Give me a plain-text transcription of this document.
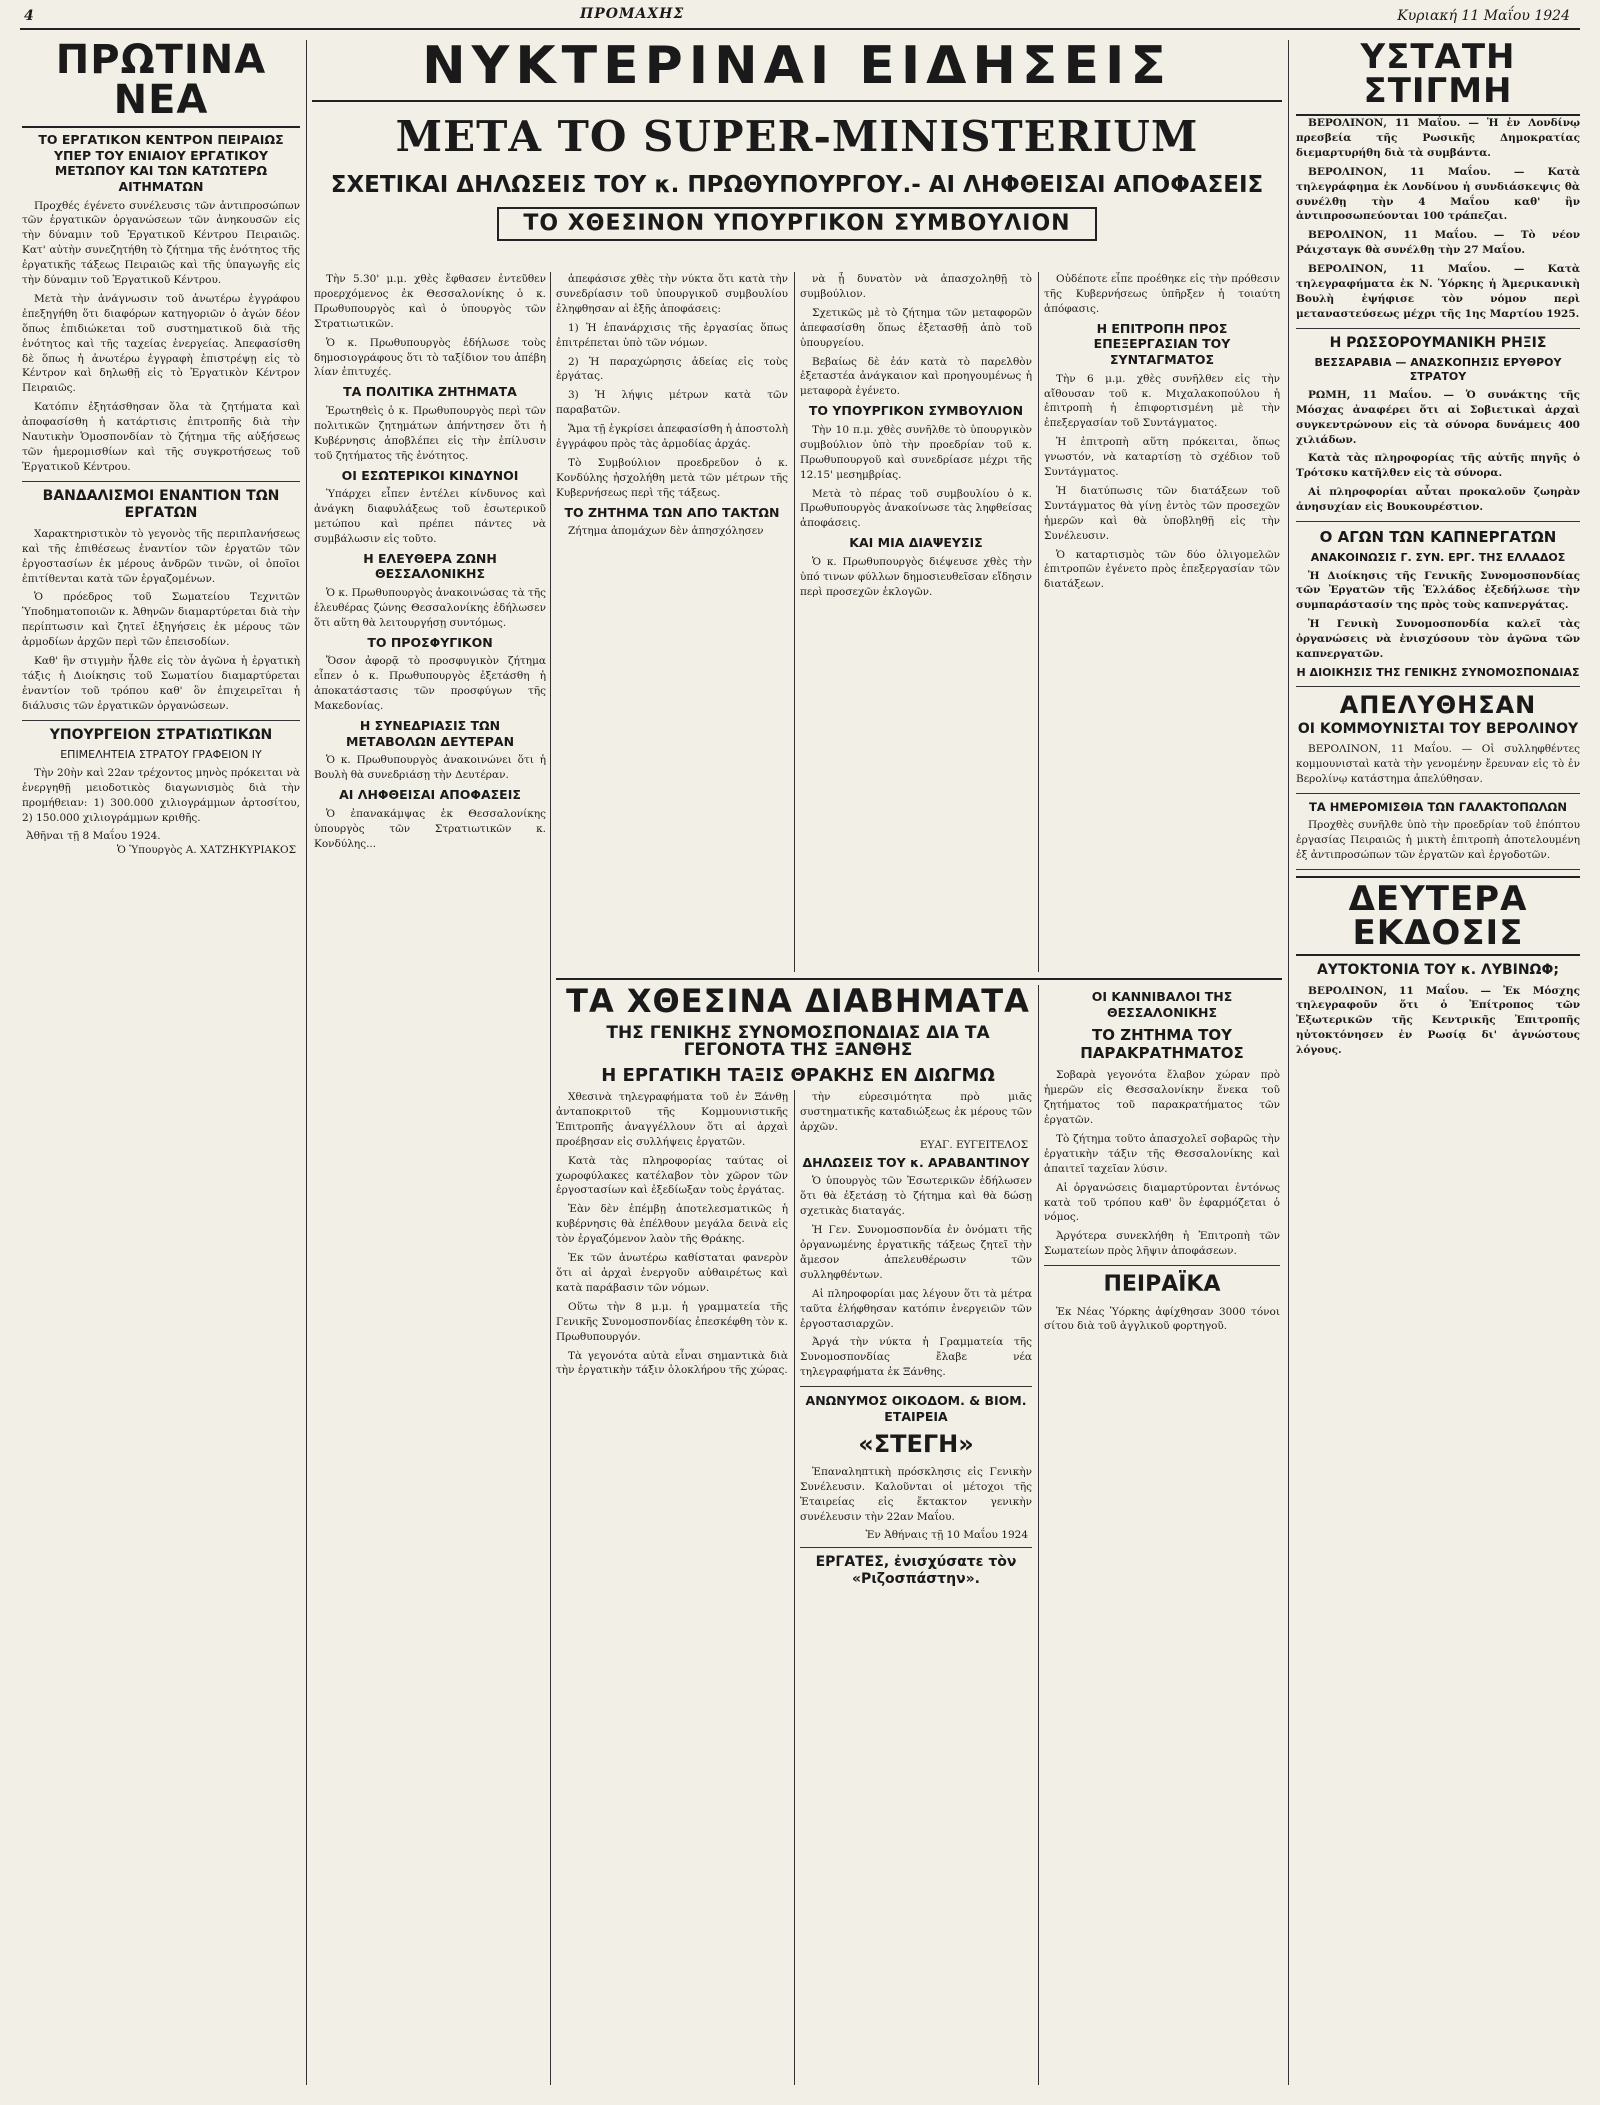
4	ΠΡΟΜΑΧΗΣ	Κυριακή 11 Μαΐου 1924
ΠΡΩΤΙΝΑ ΝΕΑ
ΤΟ ΕΡΓΑΤΙΚΟΝ ΚΕΝΤΡΟΝ ΠΕΙΡΑΙΩΣ ΥΠΕΡ ΤΟΥ ΕΝΙΑΙΟΥ ΕΡΓΑΤΙΚΟΥ ΜΕΤΩΠΟΥ ΚΑΙ ΤΩΝ ΚΑΤΩΤΕΡΩ ΑΙΤΗΜΑΤΩΝ

Προχθές έγένετο συνέλευσις τῶν ἀντιπροσώπων τῶν ἐργατικῶν ὀργανώσεων τῶν ἀνηκουσῶν εἰς τὴν δύναμιν τοῦ Ἐργατικοῦ Κέντρου Πειραιῶς. Κατ' αὐτὴν συνεζητήθη τὸ ζήτημα τῆς ἑνότητος τῆς ἐργατικῆς τάξεως Πειραιῶς καὶ τῆς ὑπαγωγῆς εἰς τὴν δύναμιν τοῦ Ἐργατικοῦ Κέντρου.

Μετὰ τὴν ἀνάγνωσιν τοῦ ἀνωτέρω ἐγγράφου ἐπεξηγήθη ὅτι διαφόρων κατηγοριῶν ὁ ἀγών δέον ὅπως ἐπιδιώκεται τοῦ συστηματικοῦ διὰ τῆς ἑνότητος καὶ τῆς ταχείας ἐνεργείας. Ἀπεφασίσθη δὲ ὅπως ἡ ἀνωτέρω ἐγγραφὴ ἐπιστρέψῃ εἰς τὸ Κέντρον καὶ δηλωθῇ εἰς τὸ Ἐργατικὸν Κέντρον Πειραιῶς.

Κατόπιν ἐξητάσθησαν ὅλα τὰ ζητήματα καὶ ἀποφασίσθη ἡ κατάρτισις ἐπιτροπῆς διὰ τὴν Ναυτικὴν Ὁμοσπονδίαν τὸ ζήτημα τῆς αὐξήσεως τῶν ἡμερομισθίων καὶ τῆς συγκροτήσεως τοῦ Ἐργατικοῦ Κέντρου.

ΒΑΝΔΑΛΙΣΜΟΙ ΕΝΑΝΤΙΟΝ ΤΩΝ ΕΡΓΑΤΩΝ

Χαρακτηριστικὸν τὸ γεγονὸς τῆς περιπλανήσεως καὶ τῆς ἐπιθέσεως ἐναντίον τῶν ἐργατῶν τῶν ἐργοστασίων ἐκ μέρους ἀνδρῶν τινῶν, οἱ ὁποῖοι ἐπιτίθενται κατὰ τῶν ἐργαζομένων.

Ὁ πρόεδρος τοῦ Σωματείου Τεχνιτῶν Ὑποδηματοποιῶν κ. Ἀθηνῶν διαμαρτύρεται διὰ τὴν περίπτωσιν καὶ ζητεῖ ἐξηγήσεις ἐκ μέρους τῶν ἁρμοδίων ἀρχῶν περὶ τῶν ἐπεισοδίων.

Καθ' ἣν στιγμὴν ἦλθε εἰς τὸν ἀγῶνα ἡ ἐργατικὴ τάξις ἡ Διοίκησις τοῦ Σωματίου διαμαρτύρεται ἐναντίον τοῦ τρόπου καθ' ὃν ἐπιχειρεῖται ἡ διάλυσις τῶν ἐργατικῶν ὀργανώσεων.

ΥΠΟΥΡΓΕΙΟΝ ΣΤΡΑΤΙΩΤΙΚΩΝ
ΕΠΙΜΕΛΗΤΕΙΑ ΣΤΡΑΤΟΥ ΓΡΑΦΕΙΟΝ ΙΥ

Τὴν 20ὴν καὶ 22αν τρέχοντος μηνὸς πρόκειται νὰ ἐνεργηθῇ μειοδοτικὸς διαγωνισμὸς διὰ τὴν προμήθειαν: 1) 300.000 χιλιογράμμων ἀρτοσίτου, 2) 150.000 χιλιογράμμων κριθῆς.

Ἀθῆναι τῇ 8 Μαΐου 1924.
Ὁ Ὑπουργὸς Α. ΧΑΤΖΗΚΥΡΙΑΚΟΣ
ΝΥΚΤΕΡΙΝΑΙ ΕΙΔΗΣΕΙΣ
ΜΕΤΑ ΤΟ SUPER-MINISTERIUM
ΣΧΕΤΙΚΑΙ ΔΗΛΩΣΕΙΣ ΤΟΥ κ. ΠΡΩΘΥΠΟΥΡΓΟΥ.- ΑΙ ΛΗΦΘΕΙΣΑΙ ΑΠΟΦΑΣΕΙΣ
ΤΟ ΧΘΕΣΙΝΟΝ ΥΠΟΥΡΓΙΚΟΝ ΣΥΜΒΟΥΛΙΟΝ

Τὴν 5.30' μ.μ. χθὲς ἔφθασεν ἐντεῦθεν προερχόμενος ἐκ Θεσσαλονίκης ὁ κ. Πρωθυπουργὸς καὶ ὁ ὑπουργὸς τῶν Στρατιωτικῶν.

Ὁ κ. Πρωθυπουργὸς ἐδήλωσε τοὺς δημοσιογράφους ὅτι τὸ ταξίδιον του ἀπέβη λίαν ἐπιτυχές.

ΤΑ ΠΟΛΙΤΙΚΑ ΖΗΤΗΜΑΤΑ

Ἐρωτηθεὶς ὁ κ. Πρωθυπουργὸς περὶ τῶν πολιτικῶν ζητημάτων ἀπήντησεν ὅτι ἡ Κυβέρνησις ἀποβλέπει εἰς τὴν ἐπίλυσιν τοῦ ζητήματος τῆς ἑνότητος.

ΟΙ ΕΣΩΤΕΡΙΚΟΙ ΚΙΝΔΥΝΟΙ

Ὑπάρχει εἶπεν ἐντέλει κίνδυνος καὶ ἀνάγκη διαφυλάξεως τοῦ ἐσωτερικοῦ μετώπου καὶ πρέπει πάντες νὰ συμβάλωσιν εἰς τοῦτο.

Η ΕΛΕΥΘΕΡΑ ΖΩΝΗ ΘΕΣΣΑΛΟΝΙΚΗΣ

Ὁ κ. Πρωθυπουργὸς ἀνακοινώσας τὰ τῆς ἐλευθέρας ζώνης Θεσσαλονίκης ἐδήλωσεν ὅτι αὕτη θὰ λειτουργήσῃ συντόμως.

ΤΟ ΠΡΟΣΦΥΓΙΚΟΝ

Ὅσον ἀφορᾷ τὸ προσφυγικὸν ζήτημα εἶπεν ὁ κ. Πρωθυπουργὸς ἐξετάσθη ἡ ἀποκατάστασις τῶν προσφύγων τῆς Μακεδονίας.

Η ΣΥΝΕΔΡΙΑΣΙΣ ΤΩΝ ΜΕΤΑΒΟΛΩΝ ΔΕΥΤΕΡΑΝ

Ὁ κ. Πρωθυπουργὸς ἀνακοινώνει ὅτι ἡ Βουλὴ θὰ συνεδριάσῃ τὴν Δευτέραν.

ΑΙ ΛΗΦΘΕΙΣΑΙ ΑΠΟΦΑΣΕΙΣ

Ὁ ἐπανακάμψας ἐκ Θεσσαλονίκης ὑπουργὸς τῶν Στρατιωτικῶν κ. Κονδύλης...

ἀπεφάσισε χθὲς τὴν νύκτα ὅτι κατὰ τὴν συνεδρίασιν τοῦ ὑπουργικοῦ συμβουλίου ἐληφθησαν αἱ ἑξῆς ἀποφάσεις:

1) Ἡ ἐπανάρχισις τῆς ἐργασίας ὅπως ἐπιτρέπεται ὑπὸ τῶν νόμων.

2) Ἡ παραχώρησις ἀδείας εἰς τοὺς ἐργάτας.

3) Ἡ λήψις μέτρων κατὰ τῶν παραβατῶν.

Ἅμα τῇ ἐγκρίσει ἀπεφασίσθη ἡ ἀποστολὴ ἐγγράφου πρὸς τὰς ἁρμοδίας ἀρχάς.

Τὸ Συμβούλιον προεδρεῦον ὁ κ. Κονδύλης ἠσχολήθη μετὰ τῶν μέτρων τῆς Κυβερνήσεως περὶ τῆς τάξεως.

ΤΟ ΖΗΤΗΜΑ ΤΩΝ ΑΠΟ ΤΑΚΤΩΝ

Ζήτημα ἀπομάχων δὲν ἀπησχόλησεν

νὰ ᾖ δυνατὸν νὰ ἀπασχοληθῇ τὸ συμβούλιον.

Σχετικῶς μὲ τὸ ζήτημα τῶν μεταφορῶν ἀπεφασίσθη ὅπως ἐξετασθῇ ἀπὸ τοῦ ὑπουργείου.

Βεβαίως δὲ ἐάν κατὰ τὸ παρελθὸν ἐξεταστέα ἀνάγκαιον καὶ προηγουμένως ἡ μεταφορὰ ἐγένετο.

ΤΟ ΥΠΟΥΡΓΙΚΟΝ ΣΥΜΒΟΥΛΙΟΝ

Τὴν 10 π.μ. χθὲς συνῆλθε τὸ ὑπουργικὸν συμβούλιον ὑπὸ τὴν προεδρίαν τοῦ κ. Πρωθυπουργοῦ καὶ συνεδρίασε μέχρι τῆς 12.15' μεσημβρίας.

Μετὰ τὸ πέρας τοῦ συμβουλίου ὁ κ. Πρωθυπουργὸς ἀνακοίνωσε τὰς ληφθείσας ἀποφάσεις.

ΚΑΙ ΜΙΑ ΔΙΑΨΕΥΣΙΣ

Ὁ κ. Πρωθυπουργὸς διέψευσε χθὲς τὴν ὑπό τινων φύλλων δημοσιευθεῖσαν εἴδησιν περὶ προσεχῶν ἐκλογῶν.

Οὐδέποτε εἶπε προέθηκε εἰς τὴν πρόθεσιν τῆς Κυβερνήσεως ὑπῆρξεν ἡ τοιαύτη ἀπόφασις.

Η ΕΠΙΤΡΟΠΗ ΠΡΟΣ ΕΠΕΞΕΡΓΑΣΙΑΝ ΤΟΥ ΣΥΝΤΑΓΜΑΤΟΣ

Τὴν 6 μ.μ. χθὲς συνῆλθεν εἰς τὴν αἴθουσαν τοῦ κ. Μιχαλακοπούλου ἡ ἐπιτροπὴ ἡ ἐπιφορτισμένη μὲ τὴν ἐπεξεργασίαν τοῦ Συντάγματος.

Ἡ ἐπιτροπὴ αὕτη πρόκειται, ὅπως γνωστόν, νὰ καταρτίσῃ τὸ σχέδιον τοῦ Συντάγματος.

Ἡ διατύπωσις τῶν διατάξεων τοῦ Συντάγματος θὰ γίνῃ ἐντὸς τῶν προσεχῶν ἡμερῶν καὶ θὰ ὑποβληθῇ εἰς τὴν Συνέλευσιν.

Ὁ καταρτισμὸς τῶν δύο ὀλιγομελῶν ἐπιτροπῶν ἐγένετο πρὸς ἐπεξεργασίαν τῶν διατάξεων.

ΤΑ ΧΘΕΣΙΝΑ ΔΙΑΒΗΜΑΤΑ
ΤΗΣ ΓΕΝΙΚΗΣ ΣΥΝΟΜΟΣΠΟΝΔΙΑΣ ΔΙΑ ΤΑ ΓΕΓΟΝΟΤΑ ΤΗΣ ΞΑΝΘΗΣ
Η ΕΡΓΑΤΙΚΗ ΤΑΞΙΣ ΘΡΑΚΗΣ ΕΝ ΔΙΩΓΜΩ

Χθεσινὰ τηλεγραφήματα τοῦ ἐν Ξάνθῃ ἀνταποκριτοῦ τῆς Κομμουνιστικῆς Ἐπιτροπῆς ἀναγγέλλουν ὅτι αἱ ἀρχαὶ προέβησαν εἰς συλλήψεις ἐργατῶν.

Κατὰ τὰς πληροφορίας ταύτας οἱ χωροφύλακες κατέλαβον τὸν χῶρον τῶν ἐργοστασίων καὶ ἐξεδίωξαν τοὺς ἐργάτας.

Ἐὰν δὲν ἐπέμβῃ ἀποτελεσματικῶς ἡ κυβέρνησις θὰ ἐπέλθουν μεγάλα δεινὰ εἰς τὸν ἐργαζόμενον λαὸν τῆς Θράκης.

Ἐκ τῶν ἀνωτέρω καθίσταται φανερὸν ὅτι αἱ ἀρχαὶ ἐνεργοῦν αὐθαιρέτως καὶ κατὰ παράβασιν τῶν νόμων.

Οὕτω τὴν 8 μ.μ. ἡ γραμματεία τῆς Γενικῆς Συνομοσπονδίας ἐπεσκέφθη τὸν κ. Πρωθυπουργόν.

Τὰ γεγονότα αὐτὰ εἶναι σημαντικὰ διὰ τὴν ἐργατικὴν τάξιν ὁλοκλήρου τῆς χώρας.

τὴν εὑρεσιμότητα πρὸ μιᾶς συστηματικῆς καταδιώξεως ἐκ μέρους τῶν ἀρχῶν.

ΕΥΑΓ. ΕΥΓΕΙΤΕΛΟΣ
ΔΗΛΩΣΕΙΣ ΤΟΥ κ. ΑΡΑΒΑΝΤΙΝΟΥ

Ὁ ὑπουργὸς τῶν Ἐσωτερικῶν ἐδήλωσεν ὅτι θὰ ἐξετάσῃ τὸ ζήτημα καὶ θὰ δώσῃ σχετικὰς διαταγάς.

Ἡ Γεν. Συνομοσπονδία ἐν ὀνόματι τῆς ὀργανωμένης ἐργατικῆς τάξεως ζητεῖ τὴν ἄμεσον ἀπελευθέρωσιν τῶν συλληφθέντων.

Αἱ πληροφορίαι μας λέγουν ὅτι τὰ μέτρα ταῦτα ἐλήφθησαν κατόπιν ἐνεργειῶν τῶν ἐργοστασιαρχῶν.

Ἀργά τὴν νύκτα ἡ Γραμματεία τῆς Συνομοσπονδίας ἔλαβε νέα τηλεγραφήματα ἐκ Ξάνθης.

ΑΝΩΝΥΜΟΣ ΟΙΚΟΔΟΜ. & ΒΙΟΜ. ΕΤΑΙΡΕΙΑ
«ΣΤΕΓΗ»

Ἐπαναληπτικὴ πρόσκλησις εἰς Γενικὴν Συνέλευσιν. Καλοῦνται οἱ μέτοχοι τῆς Ἑταιρείας εἰς ἔκτακτον γενικὴν συνέλευσιν τὴν 22αν Μαΐου.

Ἐν Ἀθήναις τῇ 10 Μαΐου 1924
ΕΡΓΑΤΕΣ, ἐνισχύσατε τὸν «Ριζοσπάστην».
ΟΙ ΚΑΝΝΙΒΑΛΟΙ ΤΗΣ ΘΕΣΣΑΛΟΝΙΚΗΣ
ΤΟ ΖΗΤΗΜΑ ΤΟΥ ΠΑΡΑΚΡΑΤΗΜΑΤΟΣ

Σοβαρὰ γεγονότα ἔλαβον χώραν πρὸ ἡμερῶν εἰς Θεσσαλονίκην ἕνεκα τοῦ ζητήματος τοῦ παρακρατήματος τῶν ἐργατῶν.

Τὸ ζήτημα τοῦτο ἀπασχολεῖ σοβαρῶς τὴν ἐργατικὴν τάξιν τῆς Θεσσαλονίκης καὶ ἀπαιτεῖ ταχεῖαν λύσιν.

Αἱ ὀργανώσεις διαμαρτύρονται ἐντόνως κατὰ τοῦ τρόπου καθ' ὃν ἐφαρμόζεται ὁ νόμος.

Ἀργότερα συνεκλήθη ἡ Ἐπιτροπὴ τῶν Σωματείων πρὸς λῆψιν ἀποφάσεων.

ΠΕΙΡΑΪΚΑ

Ἐκ Νέας Ὑόρκης ἀφίχθησαν 3000 τόνοι σίτου διὰ τοῦ ἀγγλικοῦ φορτηγοῦ.

ΥΣΤΑΤΗ ΣΤΙΓΜΗ

ΒΕΡΟΛΙΝΟΝ, 11 Μαΐου. — Ἡ ἐν Λονδίνῳ πρεσβεία τῆς Ρωσικῆς Δημοκρατίας διεμαρτυρήθη διὰ τὰ συμβάντα.

ΒΕΡΟΛΙΝΟΝ, 11 Μαΐου. — Κατὰ τηλεγράφημα ἐκ Λονδίνου ἡ συνδιάσκεψις θὰ συνέλθῃ τὴν 4 Μαΐου καθ' ἣν ἀντιπροσωπεύονται 100 τράπεζαι.

ΒΕΡΟΛΙΝΟΝ, 11 Μαΐου. — Τὸ νέον Ράιχσταγκ θὰ συνέλθῃ τὴν 27 Μαΐου.

ΒΕΡΟΛΙΝΟΝ, 11 Μαΐου. — Κατὰ τηλεγραφήματα ἐκ Ν. Ὑόρκης ἡ Ἀμερικανικὴ Βουλὴ ἐψήφισε τὸν νόμον περὶ μεταναστεύσεως μέχρι τῆς 1ης Μαρτίου 1925.

Η ΡΩΣΣΟΡΟΥΜΑΝΙΚΗ ΡΗΞΙΣ
ΒΕΣΣΑΡΑΒΙΑ — ΑΝΑΣΚΟΠΗΣΙΣ ΕΡΥΘΡΟΥ ΣΤΡΑΤΟΥ

ΡΩΜΗ, 11 Μαΐου. — Ὁ συνάκτης τῆς Μόσχας ἀναφέρει ὅτι αἱ Σοβιετικαὶ ἀρχαὶ συγκεντρώνουν εἰς τὰ σύνορα δυνάμεις 400 χιλιάδων.

Κατὰ τὰς πληροφορίας τῆς αὐτῆς πηγῆς ὁ Τρότσκυ κατῆλθεν εἰς τὰ σύνορα.

Αἱ πληροφορίαι αὗται προκαλοῦν ζωηρὰν ἀνησυχίαν εἰς Βουκουρέστιον.

Ο ΑΓΩΝ ΤΩΝ ΚΑΠΝΕΡΓΑΤΩΝ
ΑΝΑΚΟΙΝΩΣΙΣ Γ. ΣΥΝ. ΕΡΓ. ΤΗΣ ΕΛΛΑΔΟΣ

Ἡ Διοίκησις τῆς Γενικῆς Συνομοσπονδίας τῶν Ἐργατῶν τῆς Ἑλλάδος ἐξεδήλωσε τὴν συμπαράστασίν της πρὸς τοὺς καπνεργάτας.

Ἡ Γενικὴ Συνομοσπονδία καλεῖ τὰς ὀργανώσεις νὰ ἐνισχύσουν τὸν ἀγῶνα τῶν καπνεργατῶν.

Η ΔΙΟΙΚΗΣΙΣ ΤΗΣ ΓΕΝΙΚΗΣ ΣΥΝΟΜΟΣΠΟΝΔΙΑΣ
ΑΠΕΛΥΘΗΣΑΝ
ΟΙ ΚΟΜΜΟΥΝΙΣΤΑΙ ΤΟΥ ΒΕΡΟΛΙΝΟΥ

ΒΕΡΟΛΙΝΟΝ, 11 Μαΐου. — Οἱ συλληφθέντες κομμουνισταὶ κατὰ τὴν γενομένην ἔρευναν εἰς τὸ ἐν Βερολίνῳ κατάστημα ἀπελύθησαν.

ΤΑ ΗΜΕΡΟΜΙΣΘΙΑ ΤΩΝ ΓΑΛΑΚΤΟΠΩΛΩΝ

Προχθὲς συνῆλθε ὑπὸ τὴν προεδρίαν τοῦ ἐπόπτου ἐργασίας Πειραιῶς ἡ μικτὴ ἐπιτροπὴ ἀποτελουμένη ἐξ ἀντιπροσώπων τῶν ἐργατῶν καὶ ἐργοδοτῶν.

ΔΕΥΤΕΡΑ ΕΚΔΟΣΙΣ
ΑΥΤΟΚΤΟΝΙΑ ΤΟΥ κ. ΛΥΒΙΝΩΦ;

ΒΕΡΟΛΙΝΟΝ, 11 Μαΐου. — Ἐκ Μόσχης τηλεγραφοῦν ὅτι ὁ Ἐπίτροπος τῶν Ἐξωτερικῶν τῆς Κεντρικῆς Ἐπιτροπῆς ηὐτοκτόνησεν ἐν Ρωσίᾳ δι' ἀγνώστους λόγους.
